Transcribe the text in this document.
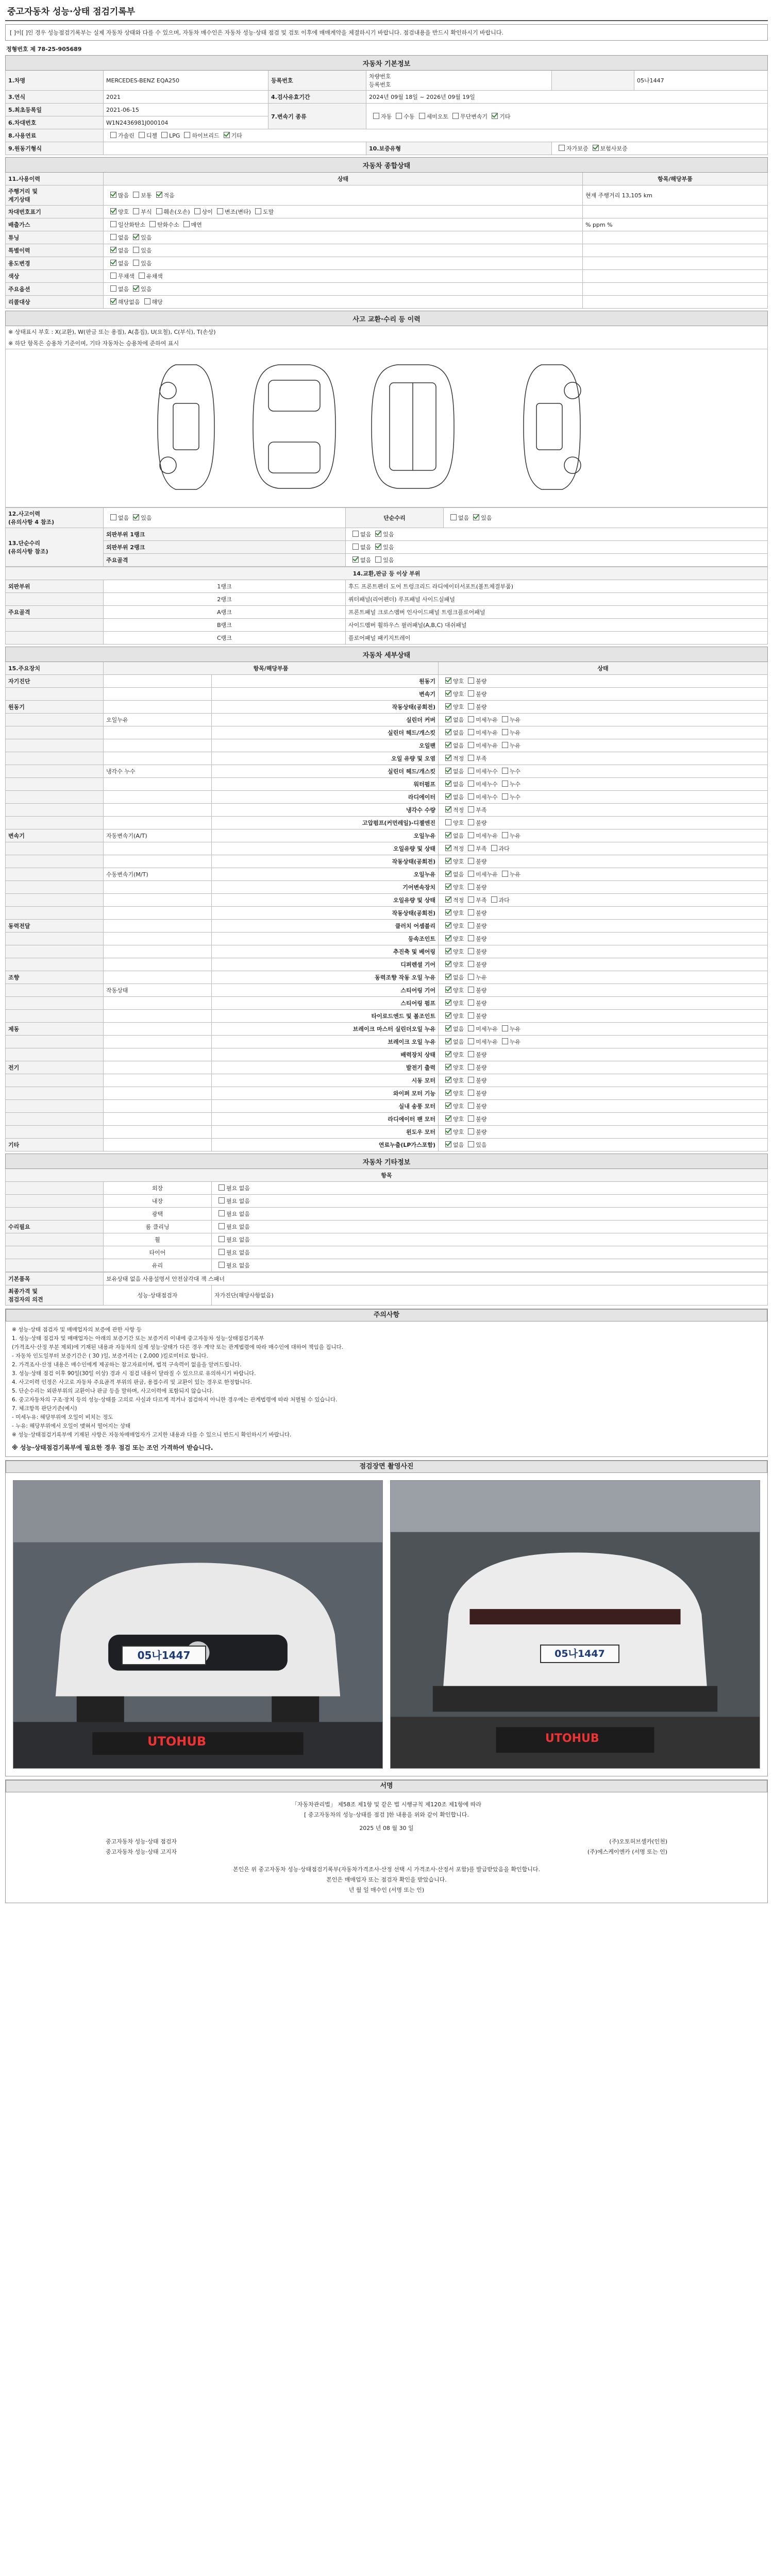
중고자동차 성능·상태 점검기록부
[ ]이[ ]인 경우 성능점검기록부는 실제 자동차 상태와 다를 수 있으며, 자동차 매수인은 자동차 성능·상태 점검 및 검토 이후에 매매계약을 체결하시기 바랍니다. 점검내용을 반드시 확인하시기 바랍니다.
정형번호 제 78-25-905689
자동차 기본정보					
1.차명	MERCEDES-BENZ EQA250	등록번호	차량번호
등록번호		05나1447
3.연식	2021	4.검사유효기간	2024년 09월 18일 ~ 2026년 09월 19일		
5.최초등록일	2021-06-15	7.변속기 종류	자동 수동 세미오토 무단변속기 기타		
6.차대번호	W1N2436981J000104				
8.사용연료	가솔린 디젤 LPG 하이브리드 기타				
9.원동기형식			10.보증유형	자가보증 보험사보증	
자동차 종합상태		
11.사용이력	상태	항목/해당부품
주행거리 및
계기상태	많음 보통 적음	현재 주행거리 13,105 km
차대번호표기	양호 부식 훼손(오손) 상이 변조(변타) 도말	
배출가스	일산화탄소 탄화수소 매연	% ppm %
튜닝	없음 있음	
특별이력	없음 있음	
용도변경	없음 있음	
색상	무채색 유채색	
주요옵션	없음 있음	
리콜대상	해당없음 해당	
사고 교환·수리 등 이력
※ 상태표시 부호 : X(교환), W(판금 또는 용접), A(흠집), U(요철), C(부식), T(손상)
※ 하단 항목은 승용차 기준이며, 기타 자동차는 승용차에 준하여 표시

12.사고이력
(유의사항 4 참조)	없음 있음	단순수리	없음 있음
13.단순수리
(유의사항 참조)	외판부위 1랭크	없음 있음	
	외판부위 2랭크	없음 있음	
	주요골격	없음 있음	
14.교환,판금 등 이상 부위		
외판부위	1랭크	후드 프론트펜더 도어 트렁크리드 라디에이터서포트(볼트체결부품)
	2랭크	쿼터패널(리어펜더) 루프패널 사이드실패널
주요골격	A랭크	프론트패널 크로스멤버 인사이드패널 트렁크플로어패널
	B랭크	사이드멤버 휠하우스 필러패널(A,B,C) 대쉬패널
	C랭크	플로어패널 패키지트레이
자동차 세부상태			
15.주요장치	항목/해당부품		상태
자기진단		원동기	양호 불량
		변속기	양호 불량
원동기		작동상태(공회전)	양호 불량
	오일누유	실린더 커버	없음 미세누유 누유
		실린더 헤드/개스킷	없음 미세누유 누유
		오일팬	없음 미세누유 누유
		오일 유량 및 오염	적정 부족
	냉각수 누수	실린더 헤드/개스킷	없음 미세누수 누수
		워터펌프	없음 미세누수 누수
		라디에이터	없음 미세누수 누수
		냉각수 수량	적정 부족
		고압펌프(커먼레일)-디젤엔진	양호 불량
변속기	자동변속기(A/T)	오일누유	없음 미세누유 누유
		오일유량 및 상태	적정 부족 과다
		작동상태(공회전)	양호 불량
	수동변속기(M/T)	오일누유	없음 미세누유 누유
		기어변속장치	양호 불량
		오일유량 및 상태	적정 부족 과다
		작동상태(공회전)	양호 불량
동력전달		클러치 어셈블리	양호 불량
		등속조인트	양호 불량
		추진축 및 베어링	양호 불량
		디퍼렌셜 기어	양호 불량
조향		동력조향 작동 오일 누유	없음 누유
	작동상태	스티어링 기어	양호 불량
		스티어링 펌프	양호 불량
		타이로드엔드 및 볼조인트	양호 불량
제동		브레이크 마스터 실린더오일 누유	없음 미세누유 누유
		브레이크 오일 누유	없음 미세누유 누유
		배력장치 상태	양호 불량
전기		발전기 출력	양호 불량
		시동 모터	양호 불량
		와이퍼 모터 기능	양호 불량
		실내 송풍 모터	양호 불량
		라디에이터 팬 모터	양호 불량
		윈도우 모터	양호 불량
기타		연료누출(LP가스포함)	없음 있음
자동차 기타정보		
항목		
	외장	필요 없음
	내장	필요 없음
	광택	필요 없음
수리필요	룸 클리닝	필요 없음
	휠	필요 없음
	타이어	필요 없음
	유리	필요 없음
기본품목	보유상태 없음 사용설명서 안전삼각대 잭 스패너	
최종가격 및
점검자의 의견	성능·상태점검자	자가진단(해당사항없음)
주의사항
※ 성능·상태 점검자 및 매매업자의 보증에 관한 사항 등
1. 성능·상태 점검자 및 매매업자는 아래의 보증기간 또는 보증거리 이내에 중고자동차 성능·상태점검기록부
(가격조사·산정 부분 제외)에 기재된 내용과 자동차의 실제 성능·상태가 다른 경우 계약 또는 관계법령에 따라 매수인에 대하여 책임을 집니다.
- 자동차 인도일부터 보증기간은 ( 30 )일, 보증거리는 ( 2,000 )킬로미터로 합니다.
2. 가격조사·산정 내용은 매수인에게 제공하는 참고자료이며, 법적 구속력이 없음을 알려드립니다.
3. 성능·상태 점검 이후 90일(30일 이상) 경과 시 점검 내용이 달라질 수 있으므로 유의하시기 바랍니다.
4. 사고이력 인정은 사고로 자동차 주요골격 부위의 판금, 용접수리 및 교환이 있는 경우로 한정합니다.
5. 단순수리는 외판부위의 교환이나 판금 등을 말하며, 사고이력에 포함되지 않습니다.
6. 중고자동차의 구조·장치 등의 성능·상태를 고의로 사실과 다르게 적거나 점검하지 아니한 경우에는 관계법령에 따라 처벌될 수 있습니다.
7. 체크항목 판단기준(예시)
- 미세누유: 해당부위에 오일이 비치는 정도
- 누유: 해당부위에서 오일이 맺혀서 떨어지는 상태
※ 성능·상태점검기록부에 기재된 사항은 자동차매매업자가 고지한 내용과 다를 수 있으니 반드시 확인하시기 바랍니다.
※ 성능·상태점검기록부에 필요한 경우 점검 또는 조언 가격하여 받습니다.
점검장면 촬영사진
05나1447
UTOHUB
05나1447
UTOHUB
서명
「자동차관리법」 제58조 제1항 및 같은 법 시행규칙 제120조 제1항에 따라
[ 중고자동차의 성능·상태를 점검 ]한 내용을 위와 같이 확인합니다.
2025 년 08 월 30 일
중고자동차 성능·상태 점검자	(주)오토허브셀카(인천)
중고자동차 성능·상태 고지자	(주)에스케이엔카 (서명 또는 인)
본인은 위 중고자동차 성능·상태점검기록부(자동차가격조사·산정 선택 시 가격조사·산정서 포함)를 발급받았음을 확인합니다.
본인은 매매업자 또는 점검자 확인을 받았습니다.
년 월 일 매수인 (서명 또는 인)
